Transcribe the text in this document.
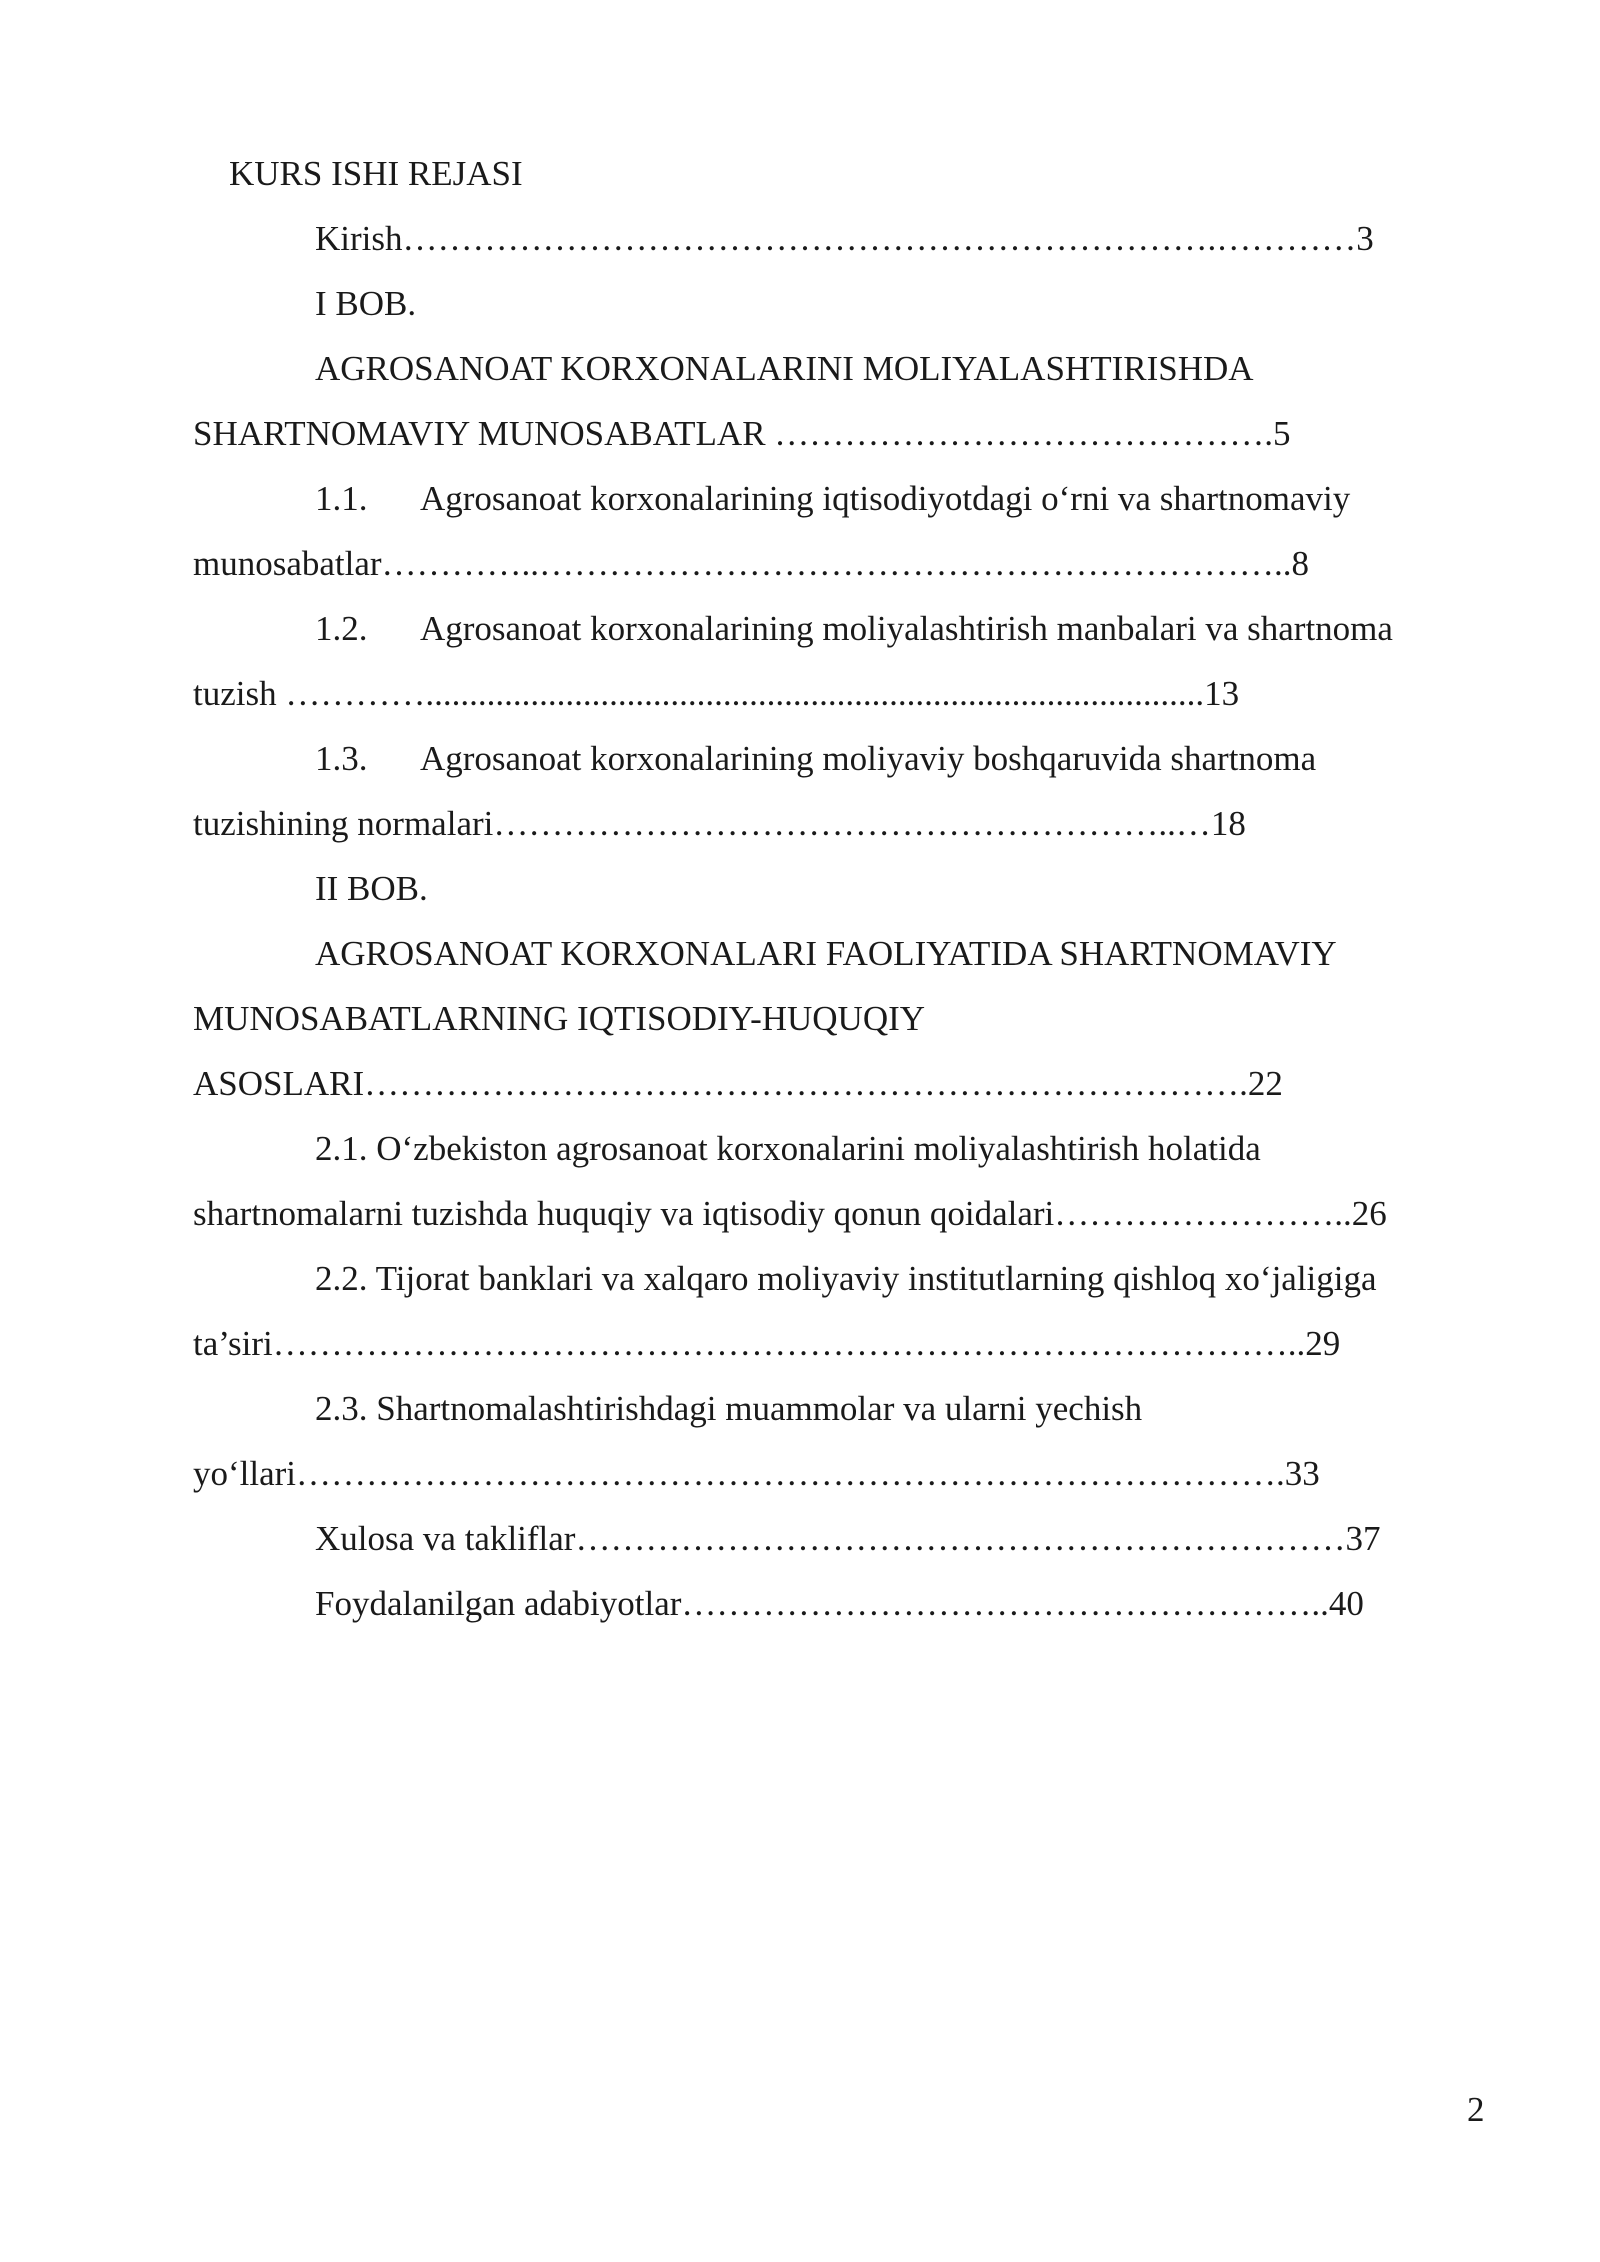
KURS ISHI REJASI

Kirish…………………………………………………………….…………3

I BOB.

AGROSANOAT KORXONALARINI MOLIYALASHTIRISHDA

SHARTNOMAVIY MUNOSABATLAR …………………………………….5

1.1. Agrosanoat korxonalarining iqtisodiyotdagi o‘rni va shartnomaviy

munosabatlar…………..………………………………………………………..8

1.2. Agrosanoat korxonalarining moliyalashtirish manbalari va shartnoma

tuzish ………….........................................................................................13

1.3. Agrosanoat korxonalarining moliyaviy boshqaruvida shartnoma

tuzishining normalari…………………………………………………..…18

II BOB.

AGROSANOAT KORXONALARI FAOLIYATIDA SHARTNOMAVIY

MUNOSABATLARNING IQTISODIY-HUQUQIY

ASOSLARI………………………………………………………………….22

2.1. O‘zbekiston agrosanoat korxonalarini moliyalashtirish holatida

shartnomalarni tuzishda huquqiy va iqtisodiy qonun qoidalari……………………..26

2.2. Tijorat banklari va xalqaro moliyaviy institutlarning qishloq xo‘jaligiga

ta’siri……………………………………………………………………………..29

2.3. Shartnomalashtirishdagi muammolar va ularni yechish

yo‘llari………………………………………………………………………….33

Xulosa va takliflar…………………………………………………………37

Foydalanilgan adabiyotlar………………………………………………..40

2
